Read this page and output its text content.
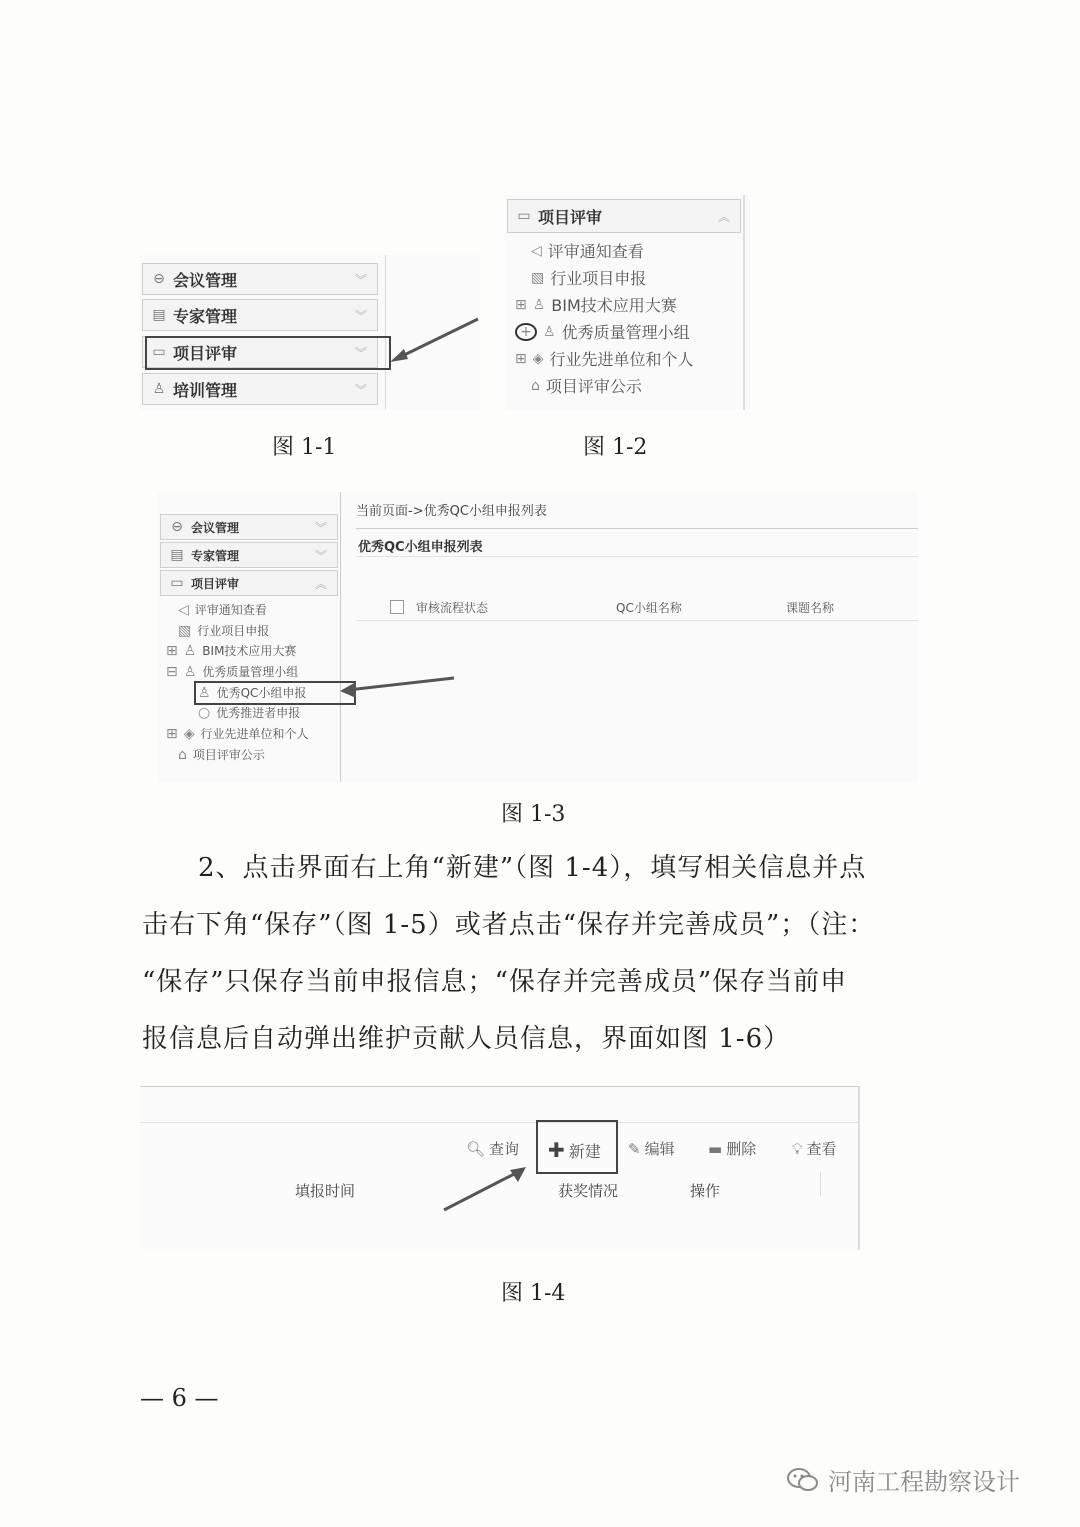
⊖ 会议管理	︾
▤ 专家管理	︾
▭ 项目评审	︾
♙ 培训管理	︾
图 1-1
▭ 项目评审	︽
◁ 评审通知查看
▧ 行业项目申报
⊞ ♙ BIM技术应用大赛
+ ♙ 优秀质量管理小组
⊞ ◈ 行业先进单位和个人
⌂ 项目评审公示
图 1-2
⊖ 会议管理	︾
▤ 专家管理	︾
▭ 项目评审	︽
◁ 评审通知查看
▧ 行业项目申报
⊞ ♙ BIM技术应用大赛
⊟ ♙ 优秀质量管理小组
♙ 优秀QC小组申报
○ 优秀推进者申报
⊞ ◈ 行业先进单位和个人
⌂ 项目评审公示
当前页面->优秀QC小组申报列表
优秀QC小组申报列表
审核流程状态	QC小组名称	课题名称
图 1-3

2、点击界面右上角“新建”（图 1-4），填写相关信息并点

击右下角“保存”（图 1-5）或者点击“保存并完善成员”；（注：

“保存”只保存当前申报信息；“保存并完善成员”保存当前申

报信息后自动弹出维护贡献人员信息，界面如图 1-6）

🔍︎ 查询 ✚ 新建 ✎ 编辑 ▬ 删除 💡︎ 查看
填报时间	获奖情况	操作
图 1-4
— 6 —
河南工程勘察设计
